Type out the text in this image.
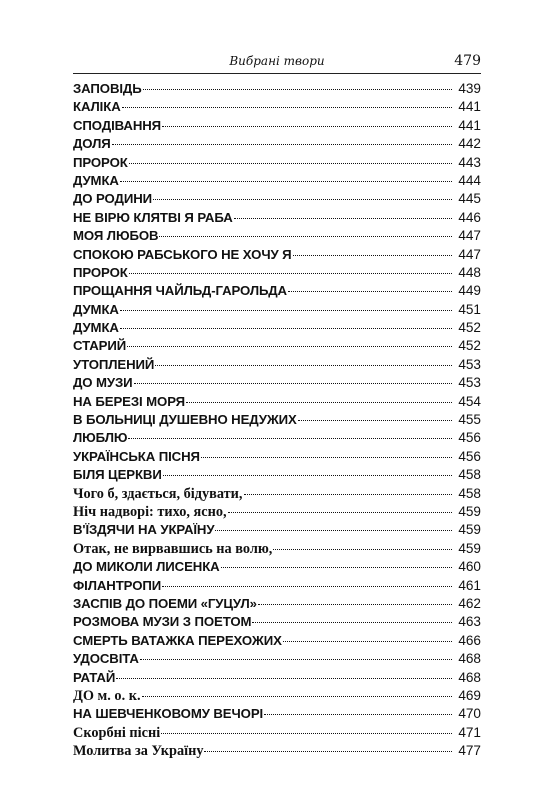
Вибрані твори	479
ЗАПОВІДЬ	439
КАЛІКА	441
СПОДІВАННЯ	441
ДОЛЯ	442
ПРОРОК	443
ДУМКА	444
ДО РОДИНИ	445
НЕ ВІРЮ КЛЯТВІ Я РАБА	446
МОЯ ЛЮБОВ	447
СПОКОЮ РАБСЬКОГО НЕ ХОЧУ Я	447
ПРОРОК	448
ПРОЩАННЯ ЧАЙЛЬД-ГАРОЛЬДА	449
ДУМКА	451
ДУМКА	452
СТАРИЙ	452
УТОПЛЕНИЙ	453
ДО МУЗИ	453
НА БЕРЕЗІ МОРЯ	454
В БОЛЬНИЦІ ДУШЕВНО НЕДУЖИХ	455
ЛЮБЛЮ	456
УКРАЇНСЬКА ПІСНЯ	456
БІЛЯ ЦЕРКВИ	458
Чого б, здається, бідувати,	458
Ніч надворі: тихо, ясно,	459
В'ЇЗДЯЧИ НА УКРАЇНУ	459
Отак, не вирвавшись на волю,	459
ДО МИКОЛИ ЛИСЕНКА	460
ФІЛАНТРОПИ	461
ЗАСПІВ ДО ПОЕМИ «ГУЦУЛ»	462
РОЗМОВА МУЗИ З ПОЕТОМ	463
СМЕРТЬ ВАТАЖКА ПЕРЕХОЖИХ	466
УДОСВІТА	468
РАТАЙ	468
ДО м. о. к.	469
НА ШЕВЧЕНКОВОМУ ВЕЧОРІ	470
Скорбні пісні	471
Молитва за Україну	477
